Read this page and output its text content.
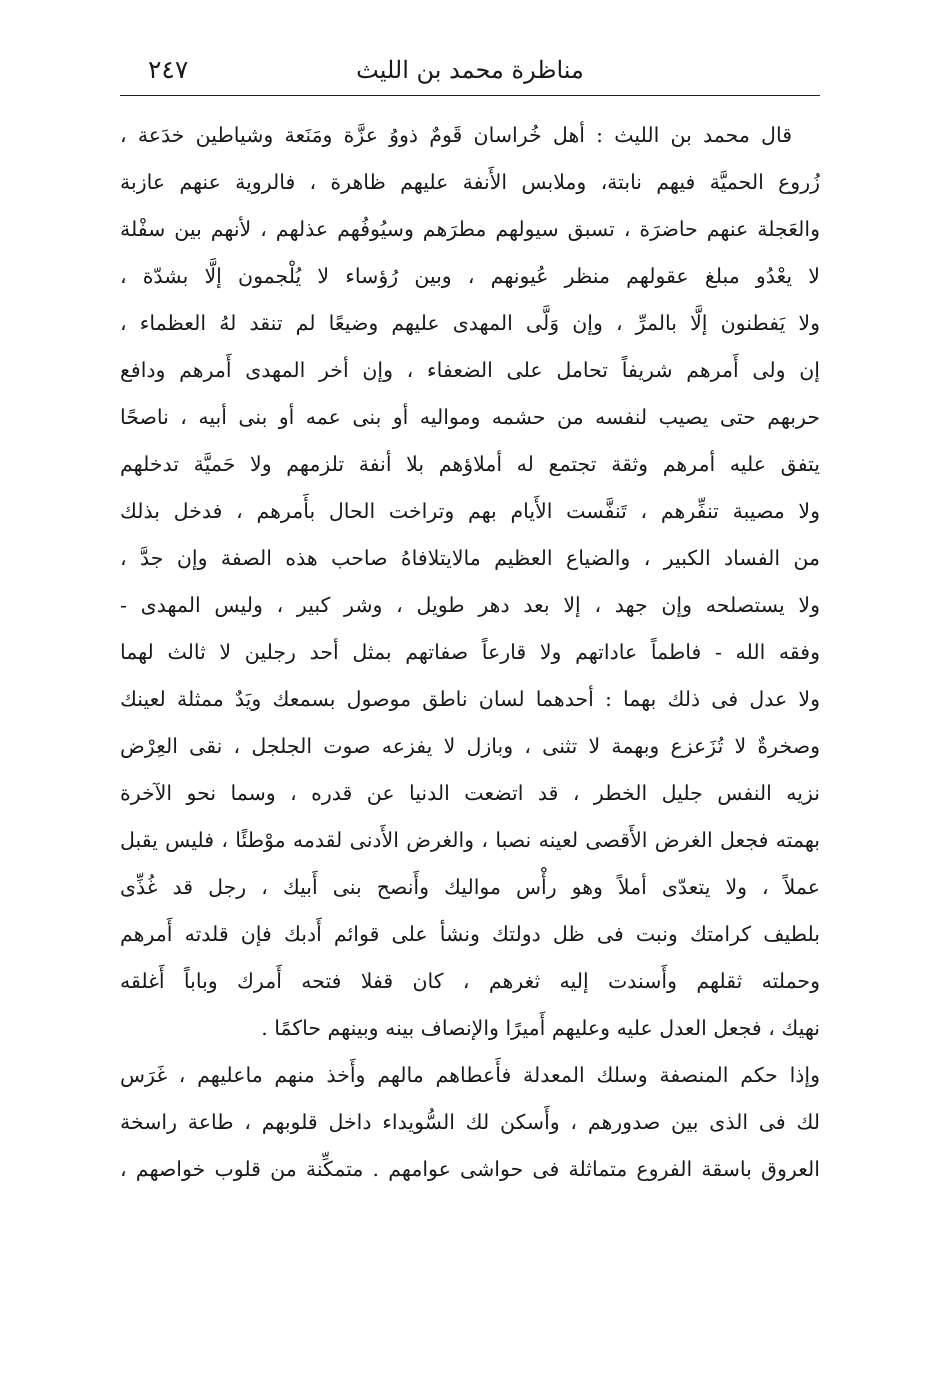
مناظرة محمد بن الليث
٢٤٧
قال محمد بن الليث : أهل خُراسان قَومٌ ذووُ عزَّة ومَنَعة وشياطين خدَعة ،
زُروع الحميَّة فيهم نابتة، وملابس الأَنفة عليهم ظاهرة ، فالروية عنهم عازبة
والعَجلة عنهم حاضرَة ، تسبق سيولهم مطرَهم وسيُوفُهم عذلهم ، لأنهم بين سفْلة
لا يعْدُو مبلغ عقولهم منظر عُيونهم ، وبين رُؤساء لا يُلْجمون إلَّا بشدّة ،
ولا يَفطنون إلَّا بالمرِّ ، وإن وَلَّى المهدى عليهم وضيعًا لم تنقد لهُ العظماء ،
إن ولى أَمرهم شريفاً تحامل على الضعفاء ، وإن أخر المهدى أَمرهم ودافع
حربهم حتى يصيب لنفسه من حشمه ومواليه أو بنى عمه أو بنى أبيه ، ناصحًا
يتفق عليه أمرهم وثقة تجتمع له أملاؤهم بلا أنفة تلزمهم ولا حَميَّة تدخلهم
ولا مصيبة تنفِّرهم ، تَنفَّست الأَيام بهم وتراخت الحال بأَمرهم ، فدخل بذلك
من الفساد الكبير ، والضياع العظيم مالايتلافاهُ صاحب هذه الصفة وإن جدَّ ،
ولا يستصلحه وإن جهد ، إلا بعد دهر طويل ، وشر كبير ، وليس المهدى -
وفقه الله - فاطماً عاداتهم ولا قارعاً صفاتهم بمثل أحد رجلين لا ثالث لهما
ولا عدل فى ذلك بهما : أحدهما لسان ناطق موصول بسمعك ويَدٌ ممثلة لعينك
وصخرةٌ لا تُزَعزع وبهمة لا تثنى ، وبازل لا يفزعه صوت الجلجل ، نقى العِرْض
نزيه النفس جليل الخطر ، قد اتضعت الدنيا عن قدره ، وسما نحو الآخرة
بهمته فجعل الغرض الأَقصى لعينه نصبا ، والغرض الأَدنى لقدمه موْطئًا ، فليس يقبل
عملاً ، ولا يتعدّى أملاً وهو رأْس مواليك وأَنصح بنى أَبيك ، رجل قد غُذِّى
بلطيف كرامتك ونبت فى ظل دولتك ونشأ على قوائم أَدبك فإن قلدته أَمرهم
وحملته ثقلهم وأَسندت إليه ثغرهم ، كان قفلا فتحه أَمرك وباباً أَغلقه
نهيك ، فجعل العدل عليه وعليهم أَميرًا والإنصاف بينه وبينهم حاكمًا .
وإذا حكم المنصفة وسلك المعدلة فأَعطاهم مالهم وأَخذ منهم ماعليهم ، غَرَس
لك فى الذى بين صدورهم ، وأَسكن لك السُّويداء داخل قلوبهم ، طاعة راسخة
العروق باسقة الفروع متماثلة فى حواشى عوامهم . متمكِّنة من قلوب خواصهم ،
